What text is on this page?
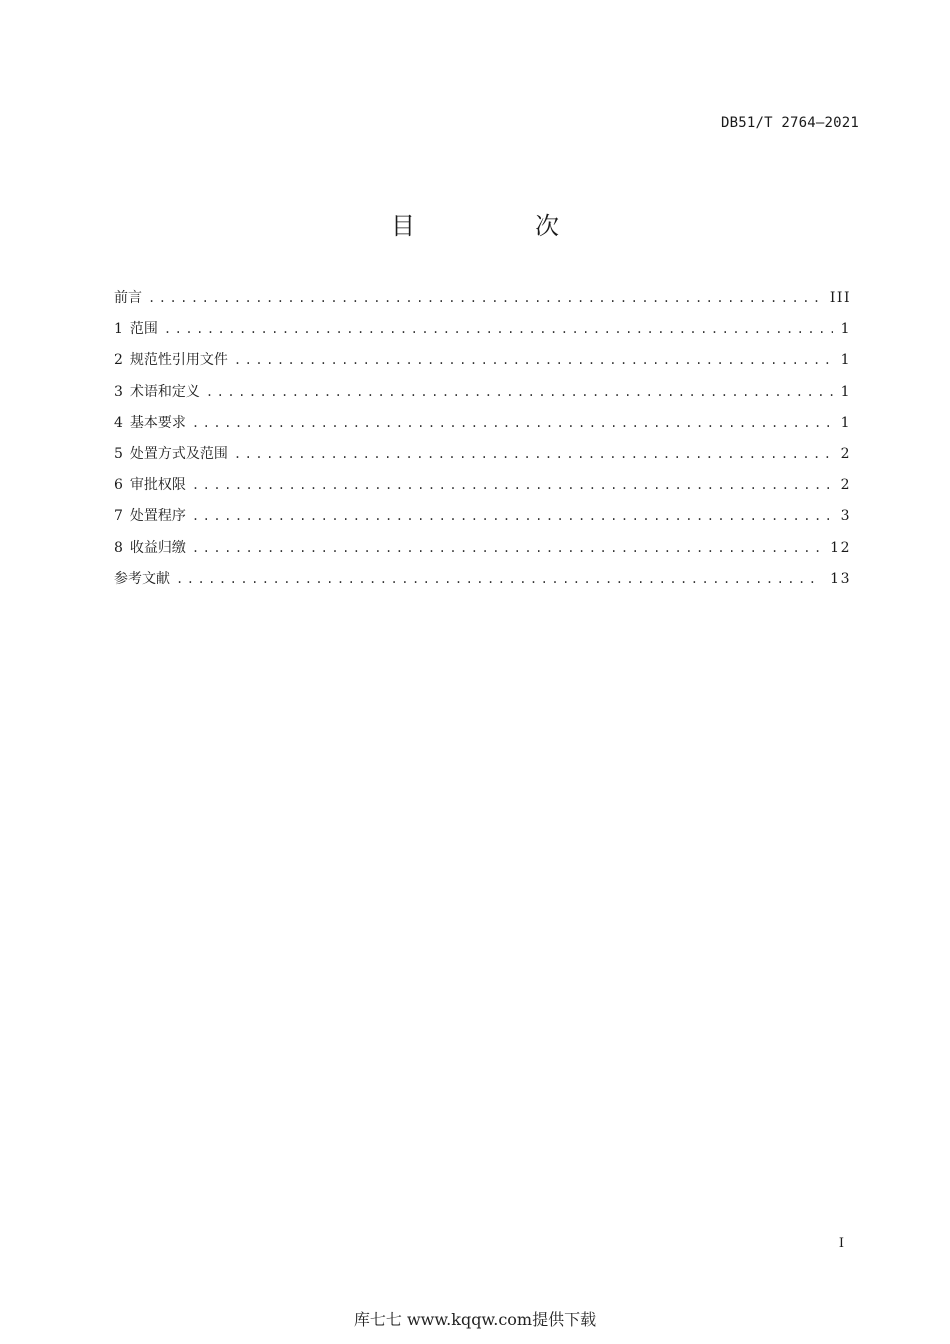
DB51/T 2764—2021
目　次
前言 .....	III
1 范围 .....	1
2 规范性引用文件 .....	1
3 术语和定义 .....	1
4 基本要求 .....	1
5 处置方式及范围 .....	2
6 审批权限 .....	2
7 处置程序 .....	3
8 收益归缴 .....	12
参考文献 .....	13
I
库七七 www.kqqw.com提供下载
